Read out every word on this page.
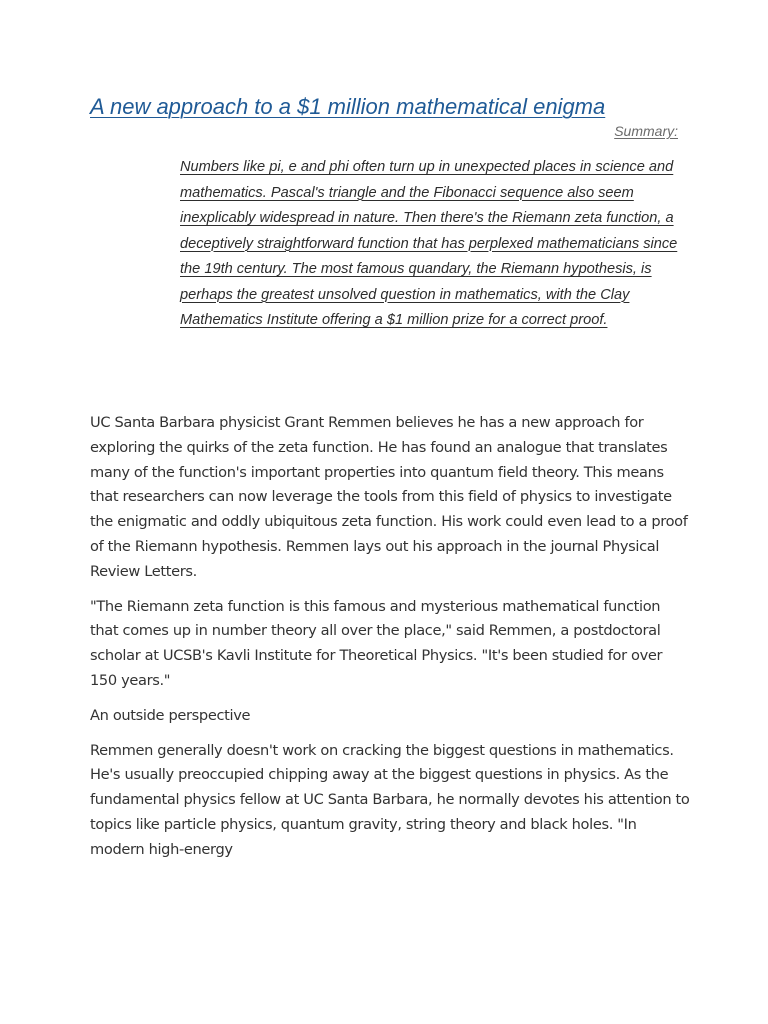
A new approach to a $1 million mathematical enigma
Summary:

Numbers like pi, e and phi often turn up in unexpected places in science and mathematics. Pascal's triangle and the Fibonacci sequence also seem inexplicably widespread in nature. Then there's the Riemann zeta function, a deceptively straightforward function that has perplexed mathematicians since the 19th century. The most famous quandary, the Riemann hypothesis, is perhaps the greatest unsolved question in mathematics, with the Clay Mathematics Institute offering a $1 million prize for a correct proof.

UC Santa Barbara physicist Grant Remmen believes he has a new approach for exploring the quirks of the zeta function. He has found an analogue that translates many of the function's important properties into quantum field theory. This means that researchers can now leverage the tools from this field of physics to investigate the enigmatic and oddly ubiquitous zeta function. His work could even lead to a proof of the Riemann hypothesis. Remmen lays out his approach in the journal Physical Review Letters.

"The Riemann zeta function is this famous and mysterious mathematical function that comes up in number theory all over the place," said Remmen, a postdoctoral scholar at UCSB's Kavli Institute for Theoretical Physics. "It's been studied for over 150 years."

An outside perspective

Remmen generally doesn't work on cracking the biggest questions in mathematics. He's usually preoccupied chipping away at the biggest questions in physics. As the fundamental physics fellow at UC Santa Barbara, he normally devotes his attention to topics like particle physics, quantum gravity, string theory and black holes. "In modern high-energy
